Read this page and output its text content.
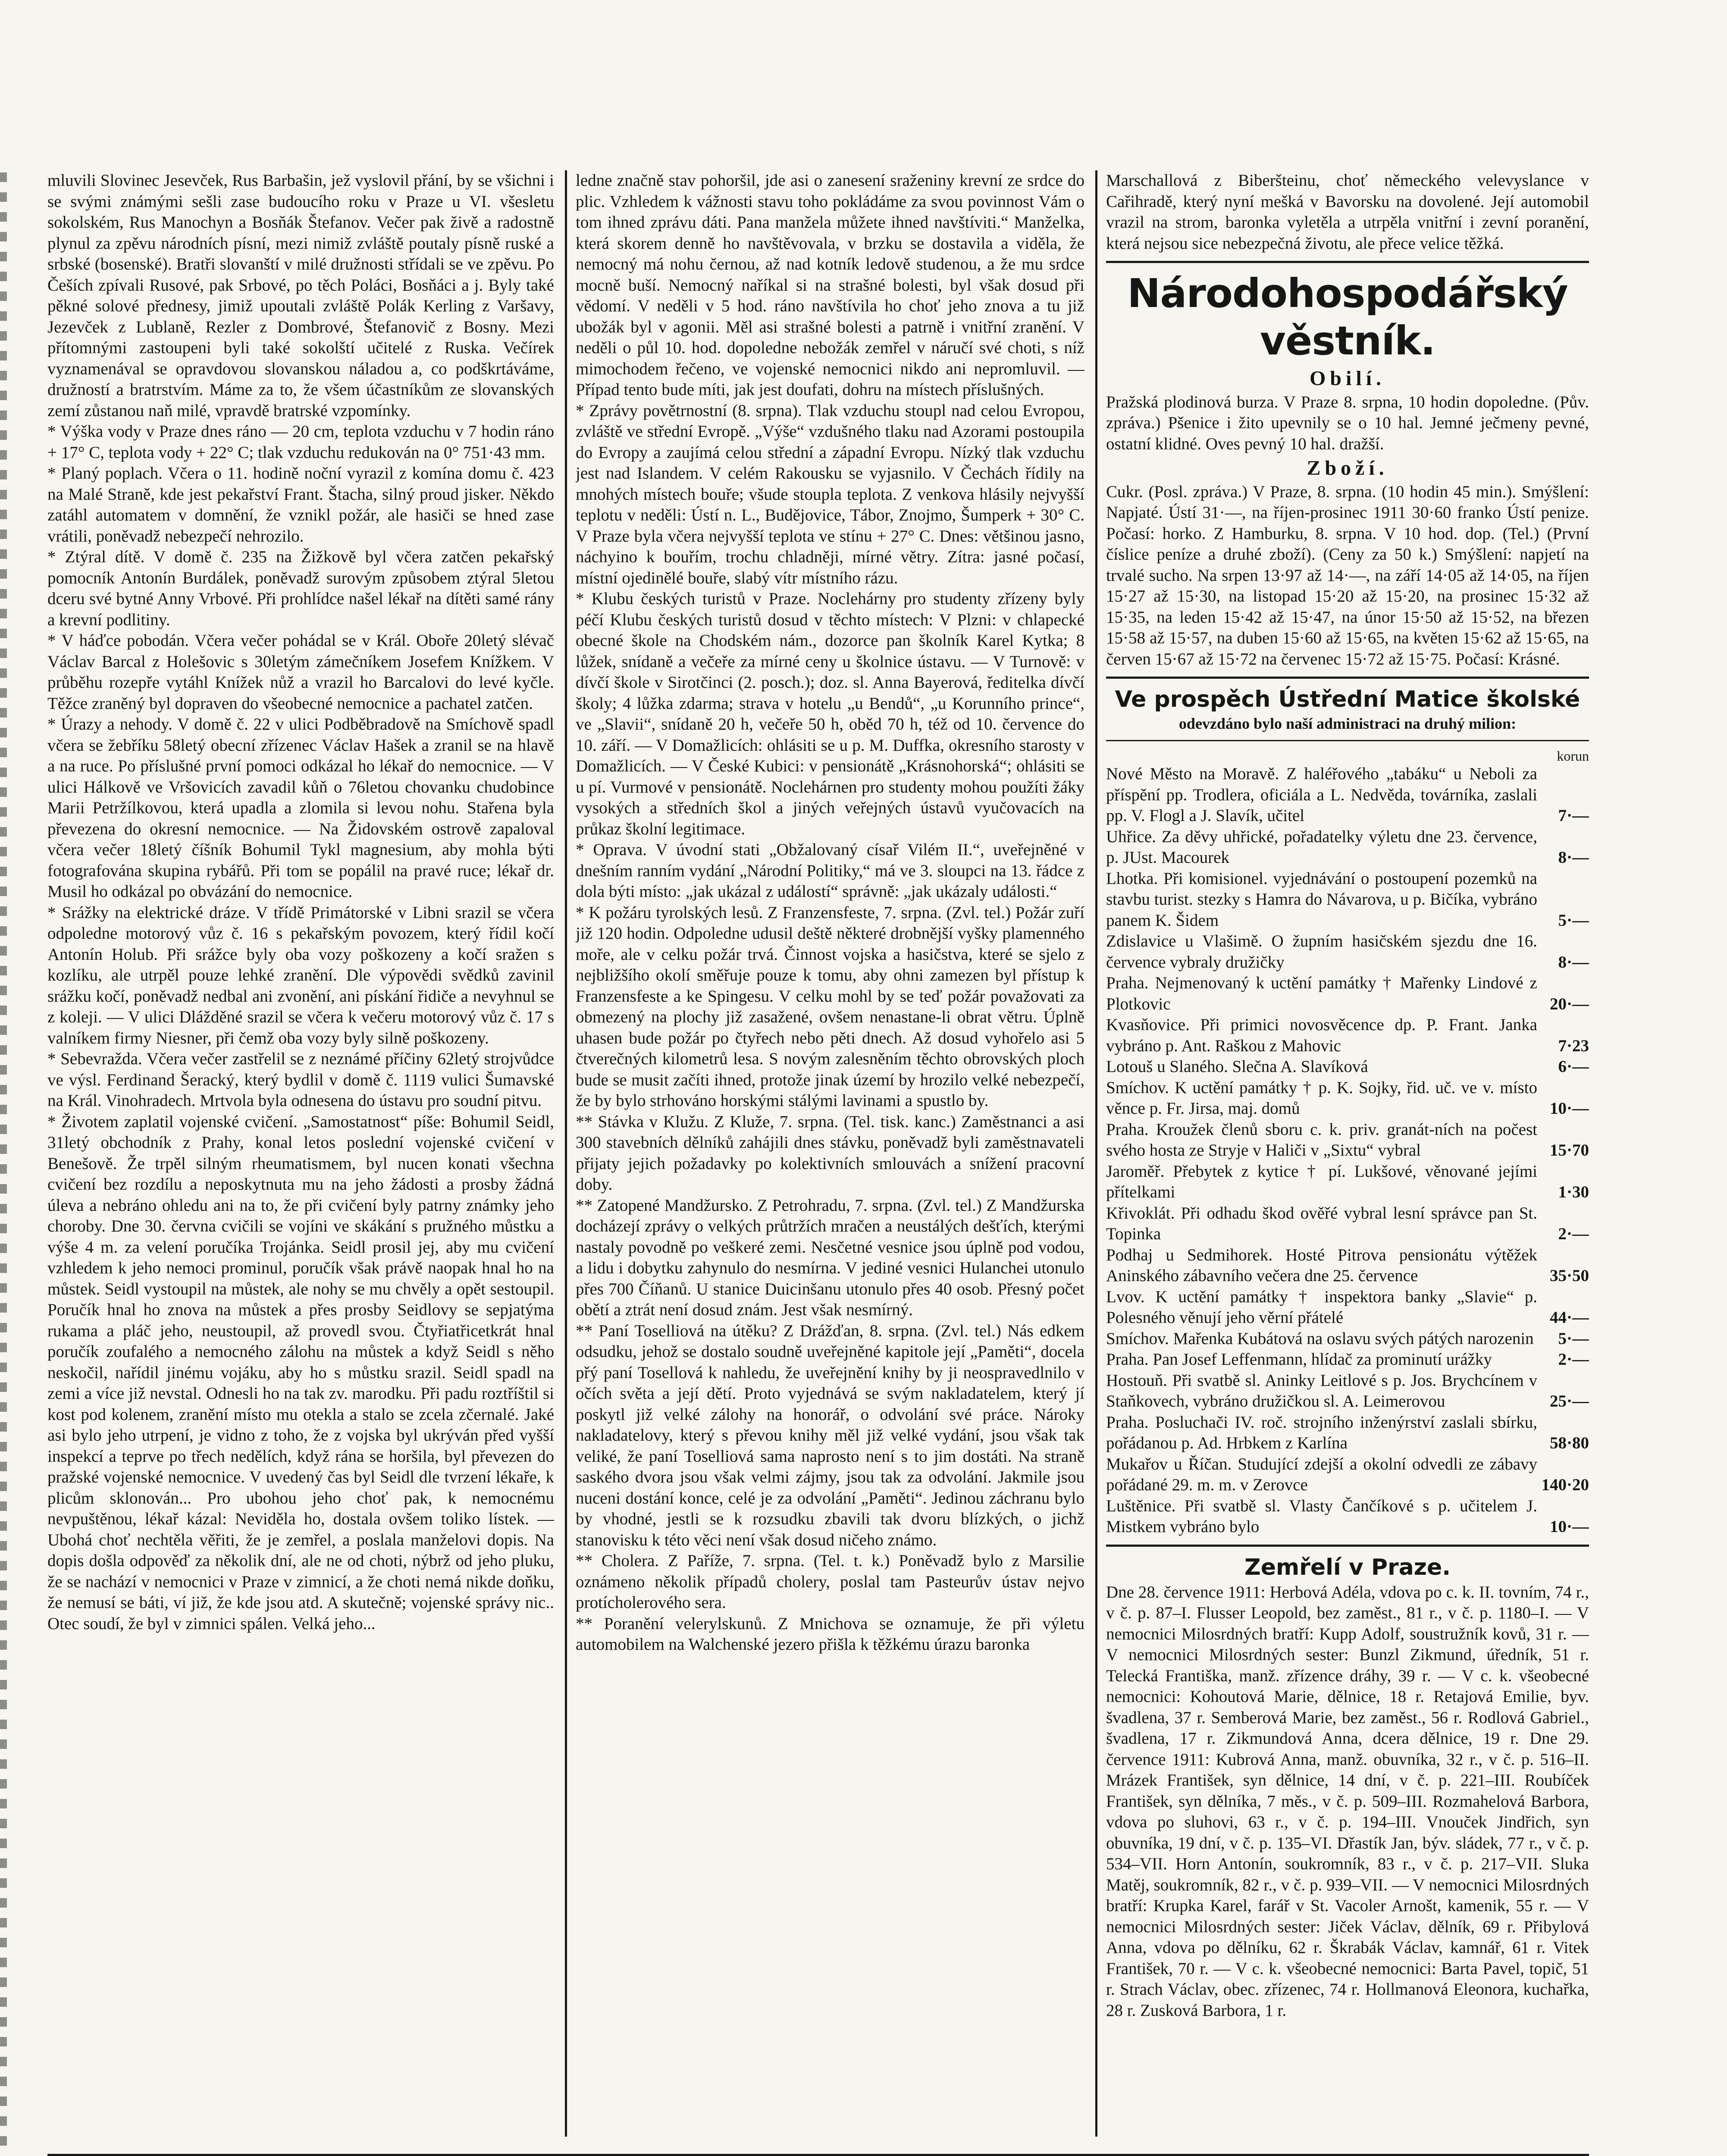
mluvili Slovinec Jesevček, Rus Barbašin, jež vyslovil přání, by se všichni i se svými známými sešli zase budoucího roku v Praze u VI. všesletu sokolském, Rus Manochyn a Bosňák Štefanov. Večer pak živě a radostně plynul za zpěvu národních písní, mezi nimiž zvláště poutaly písně ruské a srbské (bosenské). Bratři slovanští v milé družnosti střídali se ve zpěvu. Po Češích zpívali Rusové, pak Srbové, po těch Poláci, Bosňáci a j. Byly také pěkné solové přednesy, jimiž upoutali zvláště Polák Kerling z Varšavy, Jezevček z Lublaně, Rezler z Dombrové, Štefanovič z Bosny. Mezi přítomnými zastoupeni byli také sokolští učitelé z Ruska. Večírek vyznamenával se opravdovou slovanskou náladou a, co podškrtáváme, družností a bratrstvím. Máme za to, že všem účastníkům ze slovanských zemí zůstanou naň milé, vpravdě bratrské vzpomínky.

* Výška vody v Praze dnes ráno — 20 cm, teplota vzduchu v 7 hodin ráno + 17° C, teplota vody + 22° C; tlak vzduchu redukován na 0° 751·43 mm.

* Planý poplach. Včera o 11. hodině noční vyrazil z komína domu č. 423 na Malé Straně, kde jest pekařství Frant. Štacha, silný proud jisker. Někdo zatáhl automatem v domnění, že vznikl požár, ale hasiči se hned zase vrátili, poněvadž nebezpečí nehrozilo.

* Ztýral dítě. V domě č. 235 na Žižkově byl včera zatčen pekařský pomocník Antonín Burdálek, poněvadž surovým způsobem ztýral 5letou dceru své bytné Anny Vrbové. Při prohlídce našel lékař na dítěti samé rány a krevní podlitiny.

* V háďce pobodán. Včera večer pohádal se v Král. Oboře 20letý slévač Václav Barcal z Holešovic s 30letým zámečníkem Josefem Knížkem. V průběhu rozepře vytáhl Knížek nůž a vrazil ho Barcalovi do levé kyčle. Těžce zraněný byl dopraven do všeobecné nemocnice a pachatel zatčen.

* Úrazy a nehody. V domě č. 22 v ulici Podběbradově na Smíchově spadl včera se žebříku 58letý obecní zřízenec Václav Hašek a zranil se na hlavě a na ruce. Po příslušné první pomoci odkázal ho lékař do nemocnice. — V ulici Hálkově ve Vršovicích zavadil kůň o 76letou chovanku chudobince Marii Petržílkovou, která upadla a zlomila si levou nohu. Stařena byla převezena do okresní nemocnice. — Na Židovském ostrově zapaloval včera večer 18letý číšník Bohumil Tykl magnesium, aby mohla býti fotografována skupina rybářů. Při tom se popálil na pravé ruce; lékař dr. Musil ho odkázal po obvázání do nemocnice.

* Srážky na elektrické dráze. V třídě Primátorské v Libni srazil se včera odpoledne motorový vůz č. 16 s pekařským povozem, který řídil kočí Antonín Holub. Při srážce byly oba vozy poškozeny a kočí sražen s kozlíku, ale utrpěl pouze lehké zranění. Dle výpovědi svědků zavinil srážku kočí, poněvadž nedbal ani zvonění, ani pískání řidiče a nevyhnul se z koleji. — V ulici Dlážděné srazil se včera k večeru motorový vůz č. 17 s valníkem firmy Niesner, při čemž oba vozy byly silně poškozeny.

* Sebevražda. Včera večer zastřelil se z neznámé příčiny 62letý strojvůdce ve výsl. Ferdinand Šeracký, který bydlil v domě č. 1119 vulici Šumavské na Král. Vinohradech. Mrtvola byla odnesena do ústavu pro soudní pitvu.

* Životem zaplatil vojenské cvičení. „Samostatnost“ píše: Bohumil Seidl, 31letý obchodník z Prahy, konal letos poslední vojenské cvičení v Benešově. Že trpěl silným rheumatismem, byl nucen konati všechna cvičení bez rozdílu a neposkytnuta mu na jeho žádosti a prosby žádná úleva a nebráno ohledu ani na to, že při cvičení byly patrny známky jeho choroby. Dne 30. června cvičili se vojíni ve skákání s pružného můstku a výše 4 m. za velení poručíka Trojánka. Seidl prosil jej, aby mu cvičení vzhledem k jeho nemoci prominul, poručík však právě naopak hnal ho na můstek. Seidl vystoupil na můstek, ale nohy se mu chvěly a opět sestoupil. Poručík hnal ho znova na můstek a přes prosby Seidlovy se sepjatýma rukama a pláč jeho, neustoupil, až provedl svou. Čtyřiatřicetkrát hnal poručík zoufalého a nemocného zálohu na můstek a když Seidl s něho neskočil, nařídil jinému vojáku, aby ho s můstku srazil. Seidl spadl na zemi a více již nevstal. Odnesli ho na tak zv. marodku. Při padu roztříštil si kost pod kolenem, zranění místo mu otekla a stalo se zcela zčernalé. Jaké asi bylo jeho utrpení, je vidno z toho, že z vojska byl ukrýván před vyšší inspekcí a teprve po třech nedělích, když rána se horšila, byl převezen do pražské vojenské nemocnice. V uvedený čas byl Seidl dle tvrzení lékaře, k plicům sklonován... Pro ubohou jeho choť pak, k nemocnému nevpuštěnou, lékař kázal: Neviděla ho, dostala ovšem toliko lístek. — Ubohá choť nechtěla věřiti, že je zemřel, a poslala manželovi dopis. Na dopis došla odpověď za několik dní, ale ne od choti, nýbrž od jeho pluku, že se nachází v nemocnici v Praze v zimnicí, a že choti nemá nikde doňku, že nemusí se báti, ví již, že kde jsou atd. A skutečně; vojenské správy nic.. Otec soudí, že byl v zimnici spálen. Velká jeho...

ledne značně stav pohoršil, jde asi o zanesení sraženiny krevní ze srdce do plic. Vzhledem k vážnosti stavu toho pokládáme za svou povinnost Vám o tom ihned zprávu dáti. Pana manžela můžete ihned navštíviti.“ Manželka, která skorem denně ho navštěvovala, v brzku se dostavila a viděla, že nemocný má nohu černou, až nad kotník ledově studenou, a že mu srdce mocně buší. Nemocný naříkal si na strašné bolesti, byl však dosud při vědomí. V neděli v 5 hod. ráno navštívila ho choť jeho znova a tu již ubožák byl v agonii. Měl asi strašné bolesti a patrně i vnitřní zranění. V neděli o půl 10. hod. dopoledne nebožák zemřel v náručí své choti, s níž mimochodem řečeno, ve vojenské nemocnici nikdo ani nepromluvil. — Případ tento bude míti, jak jest doufati, dohru na místech příslušných.

* Zprávy povětrnostní (8. srpna). Tlak vzduchu stoupl nad celou Evropou, zvláště ve střední Evropě. „Výše“ vzdušného tlaku nad Azorami postoupila do Evropy a zaujímá celou střední a západní Evropu. Nízký tlak vzduchu jest nad Islandem. V celém Rakousku se vyjasnilo. V Čechách řídily na mnohých místech bouře; všude stoupla teplota. Z venkova hlásily nejvyšší teplotu v neděli: Ústí n. L., Budějovice, Tábor, Znojmo, Šumperk + 30° C. V Praze byla včera nejvyšší teplota ve stínu + 27° C. Dnes: většinou jasno, náchyino k bouřím, trochu chladněji, mírné větry. Zítra: jasné počasí, místní ojedinělé bouře, slabý vítr místního rázu.

* Klubu českých turistů v Praze. Noclehárny pro studenty zřízeny byly péčí Klubu českých turistů dosud v těchto místech: V Plzni: v chlapecké obecné škole na Chodském nám., dozorce pan školník Karel Kytka; 8 lůžek, snídaně a večeře za mírné ceny u školnice ústavu. — V Turnově: v dívčí škole v Sirotčinci (2. posch.); doz. sl. Anna Bayerová, ředitelka dívčí školy; 4 lůžka zdarma; strava v hotelu „u Bendů“, „u Korunního prince“, ve „Slavii“, snídaně 20 h, večeře 50 h, oběd 70 h, též od 10. července do 10. září. — V Domažlicích: ohlásiti se u p. M. Duffka, okresního starosty v Domažlicích. — V České Kubici: v pensionátě „Krásnohorská“; ohlásiti se u pí. Vurmové v pensionátě. Noclehárnen pro studenty mohou použíti žáky vysokých a středních škol a jiných veřejných ústavů vyučovacích na průkaz školní legitimace.

* Oprava. V úvodní stati „Obžalovaný císař Vilém II.“, uveřejněné v dnešním ranním vydání „Národní Politiky,“ má ve 3. sloupci na 13. řádce z dola býti místo: „jak ukázal z událostí“ správně: „jak ukázaly události.“

* K požáru tyrolských lesů. Z Franzensfeste, 7. srpna. (Zvl. tel.) Požár zuří již 120 hodin. Odpoledne udusil deště některé drobnější vyšky plamenného moře, ale v celku požár trvá. Činnost vojska a hasičstva, které se sjelo z nejbližšího okolí směřuje pouze k tomu, aby ohni zamezen byl přístup k Franzensfeste a ke Spingesu. V celku mohl by se teď požár považovati za obmezený na plochy již zasažené, ovšem nenastane-li obrat větru. Úplně uhasen bude požár po čtyřech nebo pěti dnech. Až dosud vyhořelo asi 5 čtverečných kilometrů lesa. S novým zalesněním těchto obrovských ploch bude se musit začíti ihned, protože jinak území by hrozilo velké nebezpečí, že by bylo strhováno horskými stálými lavinami a spustlo by.

** Stávka v Klužu. Z Kluže, 7. srpna. (Tel. tisk. kanc.) Zaměstnanci a asi 300 stavebních dělníků zahájili dnes stávku, poněvadž byli zaměstnavateli přijaty jejich požadavky po kolektivních smlouvách a snížení pracovní doby.

** Zatopené Mandžursko. Z Petrohradu, 7. srpna. (Zvl. tel.) Z Mandžurska docházejí zprávy o velkých průtržích mračen a neustálých dešťích, kterými nastaly povodně po veškeré zemi. Nesčetné vesnice jsou úplně pod vodou, a lidu i dobytku zahynulo do nesmírna. V jediné vesnici Hulanchei utonulo přes 700 Číňanů. U stanice Duicinšanu utonulo přes 40 osob. Přesný počet obětí a ztrát není dosud znám. Jest však nesmírný.

** Paní Toselliová na útěku? Z Drážďan, 8. srpna. (Zvl. tel.) Nás edkem odsudku, jehož se dostalo soudně uveřejněné kapitole její „Paměti“, docela přý paní Tosellová k nahledu, že uveřejnění knihy by ji neospravedlnilo v očích světa a její dětí. Proto vyjednává se svým nakladatelem, který jí poskytl již velké zálohy na honorář, o odvolání své práce. Nároky nakladatelovy, který s převou knihy měl již velké vydání, jsou však tak veliké, že paní Toselliová sama naprosto není s to jim dostáti. Na straně saského dvora jsou však velmi zájmy, jsou tak za odvolání. Jakmile jsou nuceni dostání konce, celé je za odvolání „Paměti“. Jedinou záchranu bylo by vhodné, jestli se k rozsudku zbavili tak dvoru blízkých, o jichž stanovisku k této věci není však dosud ničeho známo.

** Cholera. Z Paříže, 7. srpna. (Tel. t. k.) Poněvadž bylo z Marsilie oznámeno několik případů cholery, poslal tam Pasteurův ústav nejvo protícholerového sera.

** Poranění velerylskunů. Z Mnichova se oznamuje, že při výletu automobilem na Walchenské jezero přišla k těžkému úrazu baronka

Marschallová z Biberšteinu, choť německého velevyslance v Cařihradě, který nyní mešká v Bavorsku na dovolené. Její automobil vrazil na strom, baronka vyletěla a utrpěla vnitřní i zevní poranění, která nejsou sice nebezpečná životu, ale přece velice těžká.

Národohospodářský věstník.
Obilí.

Pražská plodinová burza. V Praze 8. srpna, 10 hodin dopoledne. (Pův. zpráva.) Pšenice i žito upevnily se o 10 hal. Jemné ječmeny pevné, ostatní klidné. Oves pevný 10 hal. dražší.

Zboží.

Cukr. (Posl. zpráva.) V Praze, 8. srpna. (10 hodin 45 min.). Smýšlení: Napjaté. Ústí 31·—, na říjen-prosinec 1911 30·60 franko Ústí penize. Počasí: horko. Z Hamburku, 8. srpna. V 10 hod. dop. (Tel.) (První číslice peníze a druhé zboží). (Ceny za 50 k.) Smýšlení: napjetí na trvalé sucho. Na srpen 13·97 až 14·—, na září 14·05 až 14·05, na říjen 15·27 až 15·30, na listopad 15·20 až 15·20, na prosinec 15·32 až 15·35, na leden 15·42 až 15·47, na únor 15·50 až 15·52, na březen 15·58 až 15·57, na duben 15·60 až 15·65, na květen 15·62 až 15·65, na červen 15·67 až 15·72 na červenec 15·72 až 15·75. Počasí: Krásné.

Ve prospěch Ústřední Matice školské
odevzdáno bylo naší administraci na druhý milion:
korun
Nové Město na Moravě. Z haléřového „tabáku“ u Neboli za příspění pp. Trodlera, oficiála a L. Nedvěda, továrníka, zaslali pp. V. Flogl a J. Slavík, učitel	7·—
Uhřice. Za děvy uhřické, pořadatelky výletu dne 23. července, p. JUst. Macourek	8·—
Lhotka. Při komisionel. vyjednávání o postoupení pozemků na stavbu turist. stezky s Hamra do Návarova, u p. Bičíka, vybráno panem K. Šidem	5·—
Zdislavice u Vlašimě. O župním hasičském sjezdu dne 16. července vybraly družičky	8·—
Praha. Nejmenovaný k uctění památky † Mařenky Lindové z Plotkovic	20·—
Kvasňovice. Při primici novosvěcence dp. P. Frant. Janka vybráno p. Ant. Raškou z Mahovic	7·23
Lotouš u Slaného. Slečna A. Slavíková	6·—
Smíchov. K uctění památky † p. K. Sojky, řid. uč. ve v. místo věnce p. Fr. Jirsa, maj. domů	10·—
Praha. Kroužek členů sboru c. k. priv. granát-ních na počest svého hosta ze Stryje v Haliči v „Sixtu“ vybral	15·70
Jaroměř. Přebytek z kytice † pí. Lukšové, věnované jejími přítelkami	1·30
Křivoklát. Při odhadu škod ověřé vybral lesní správce pan St. Topinka	2·—
Podhaj u Sedmihorek. Hosté Pitrova pensionátu výtěžek Aninského zábavního večera dne 25. července	35·50
Lvov. K uctění památky † inspektora banky „Slavie“ p. Polesného věnují jeho věrní přátelé	44·—
Smíchov. Mařenka Kubátová na oslavu svých pátých narozenin	5·—
Praha. Pan Josef Leffenmann, hlídač za prominutí urážky	2·—
Hostouň. Při svatbě sl. Aninky Leitlové s p. Jos. Brychcínem v Staňkovech, vybráno družičkou sl. A. Leimerovou	25·—
Praha. Posluchači IV. roč. strojního inženýrství zaslali sbírku, pořádanou p. Ad. Hrbkem z Karlína	58·80
Mukařov u Říčan. Studující zdejší a okolní odvedli ze zábavy pořádané 29. m. m. v Zerovce	140·20
Luštěnice. Při svatbě sl. Vlasty Čančíkové s p. učitelem J. Mistkem vybráno bylo	10·—
Zemřelí v Praze.

Dne 28. července 1911: Herbová Adéla, vdova po c. k. II. tovním, 74 r., v č. p. 87–I. Flusser Leopold, bez zaměst., 81 r., v č. p. 1180–I. — V nemocnici Milosrdných bratří: Kupp Adolf, soustružník kovů, 31 r. — V nemocnici Milosrdných sester: Bunzl Zikmund, úředník, 51 r. Telecká Františka, manž. zřízence dráhy, 39 r. — V c. k. všeobecné nemocnici: Kohoutová Marie, dělnice, 18 r. Retajová Emilie, byv. švadlena, 37 r. Semberová Marie, bez zaměst., 56 r. Rodlová Gabriel., švadlena, 17 r. Zikmundová Anna, dcera dělnice, 19 r. Dne 29. července 1911: Kubrová Anna, manž. obuvníka, 32 r., v č. p. 516–II. Mrázek František, syn dělnice, 14 dní, v č. p. 221–III. Roubíček František, syn dělníka, 7 měs., v č. p. 509–III. Rozmahelová Barbora, vdova po sluhovi, 63 r., v č. p. 194–III. Vnouček Jindřich, syn obuvníka, 19 dní, v č. p. 135–VI. Dřastík Jan, býv. sládek, 77 r., v č. p. 534–VII. Horn Antonín, soukromník, 83 r., v č. p. 217–VII. Sluka Matěj, soukromník, 82 r., v č. p. 939–VII. — V nemocnici Milosrdných bratří: Krupka Karel, farář v St. Vacoler Arnošt, kamenik, 55 r. — V nemocnici Milosrdných sester: Jiček Václav, dělník, 69 r. Přibylová Anna, vdova po dělníku, 62 r. Škrabák Václav, kamnář, 61 r. Vitek František, 70 r. — V c. k. všeobecné nemocnici: Barta Pavel, topič, 51 r. Strach Václav, obec. zřízenec, 74 r. Hollmanová Eleonora, kuchařka, 28 r. Zusková Barbora, 1 r.
